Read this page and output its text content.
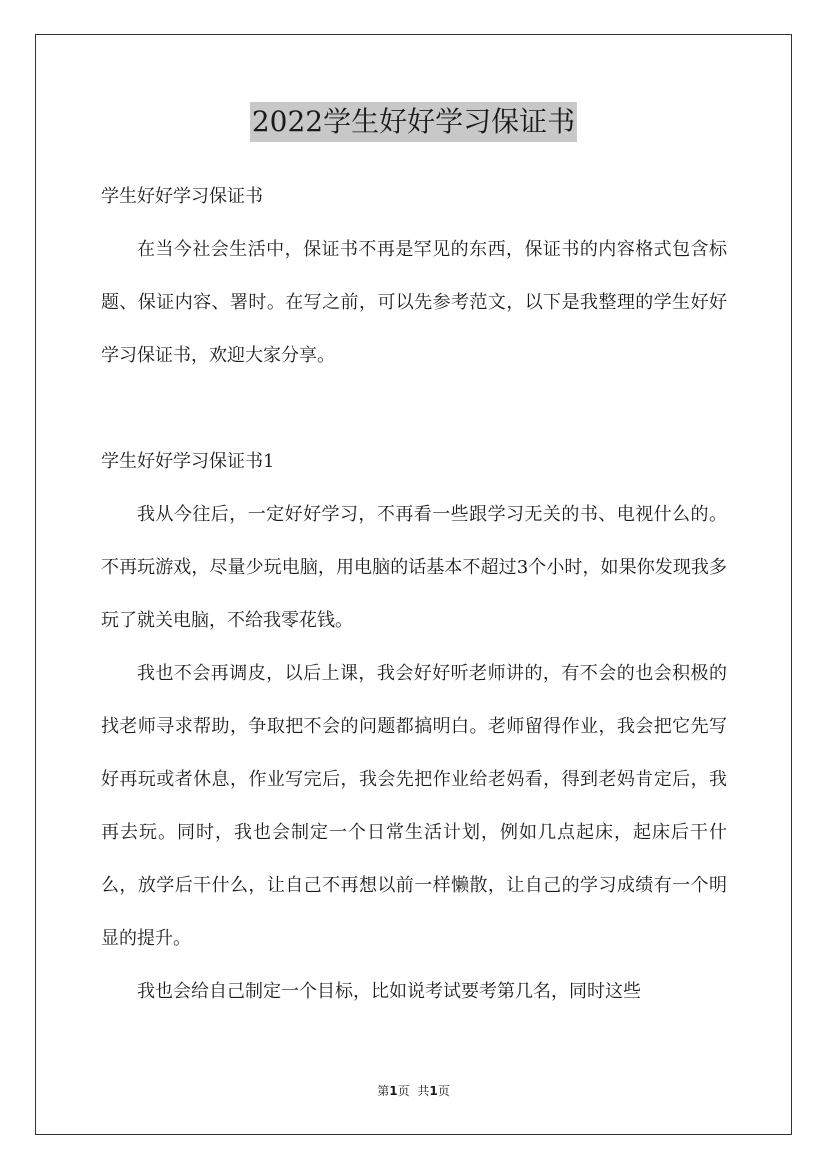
2022学生好好学习保证书

学生好好学习保证书

在当今社会生活中，保证书不再是罕见的东西，保证书的内容格式包含标题、保证内容、署时。在写之前，可以先参考范文，以下是我整理的学生好好学习保证书，欢迎大家分享。

学生好好学习保证书1

我从今往后，一定好好学习，不再看一些跟学习无关的书、电视什么的。不再玩游戏，尽量少玩电脑，用电脑的话基本不超过3个小时，如果你发现我多玩了就关电脑，不给我零花钱。

我也不会再调皮，以后上课，我会好好听老师讲的，有不会的也会积极的找老师寻求帮助，争取把不会的问题都搞明白。老师留得作业，我会把它先写好再玩或者休息，作业写完后，我会先把作业给老妈看，得到老妈肯定后，我再去玩。同时，我也会制定一个日常生活计划，例如几点起床，起床后干什么，放学后干什么，让自己不再想以前一样懒散，让自己的学习成绩有一个明显的提升。

我也会给自己制定一个目标，比如说考试要考第几名，同时这些

第1页 共1页
